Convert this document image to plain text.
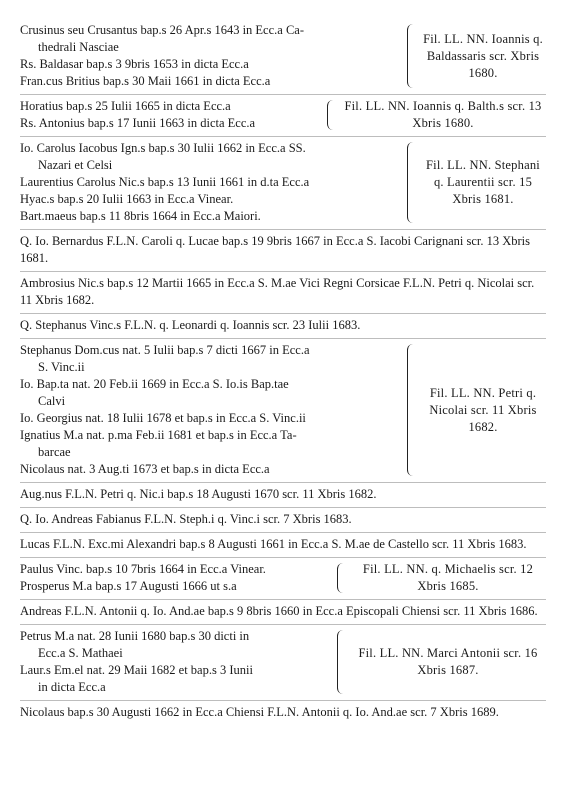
Crusinus seu Crusantus bap.s 26 Apr.s 1643 in Ecc.a Ca-
thedrali Nasciae
Rs. Baldasar bap.s 3 9bris 1653 in dicta Ecc.a
Fran.cus Britius bap.s 30 Maii 1661 in dicta Ecc.a
Fil. LL. NN. Ioannis q. Baldassaris scr. Xbris 1680.
Horatius bap.s 25 Iulii 1665 in dicta Ecc.a
Rs. Antonius bap.s 17 Iunii 1663 in dicta Ecc.a
Fil. LL. NN. Ioannis q. Balth.s scr. 13 Xbris 1680.
Io. Carolus Iacobus Ign.s bap.s 30 Iulii 1662 in Ecc.a SS.
Nazari et Celsi
Laurentius Carolus Nic.s bap.s 13 Iunii 1661 in d.ta Ecc.a
Hyac.s bap.s 20 Iulii 1663 in Ecc.a Vinear.
Bart.maeus bap.s 11 8bris 1664 in Ecc.a Maiori.
Fil. LL. NN. Stephani q. Laurentii scr. 15 Xbris 1681.
Q. Io. Bernardus F.L.N. Caroli q. Lucae bap.s 19 9bris 1667 in Ecc.a S. Iacobi Carignani scr. 13 Xbris 1681.
Ambrosius Nic.s bap.s 12 Martii 1665 in Ecc.a S. M.ae Vici Regni Corsicae F.L.N. Petri q. Nicolai scr. 11 Xbris 1682.
Q. Stephanus Vinc.s F.L.N. q. Leonardi q. Ioannis scr. 23 Iulii 1683.
Stephanus Dom.cus nat. 5 Iulii bap.s 7 dicti 1667 in Ecc.a
S. Vinc.ii
Io. Bap.ta nat. 20 Feb.ii 1669 in Ecc.a S. Io.is Bap.tae
Calvi
Io. Georgius nat. 18 Iulii 1678 et bap.s in Ecc.a S. Vinc.ii
Ignatius M.a nat. p.ma Feb.ii 1681 et bap.s in Ecc.a Ta-
barcae
Nicolaus nat. 3 Aug.ti 1673 et bap.s in dicta Ecc.a
Fil. LL. NN. Petri q. Nicolai scr. 11 Xbris 1682.
Aug.nus F.L.N. Petri q. Nic.i bap.s 18 Augusti 1670 scr. 11 Xbris 1682.
Q. Io. Andreas Fabianus F.L.N. Steph.i q. Vinc.i scr. 7 Xbris 1683.
Lucas F.L.N. Exc.mi Alexandri bap.s 8 Augusti 1661 in Ecc.a S. M.ae de Castello scr. 11 Xbris 1683.
Paulus Vinc. bap.s 10 7bris 1664 in Ecc.a Vinear.
Prosperus M.a bap.s 17 Augusti 1666 ut s.a
Fil. LL. NN. q. Michaelis scr. 12 Xbris 1685.
Andreas F.L.N. Antonii q. Io. And.ae bap.s 9 8bris 1660 in Ecc.a Episcopali Chiensi scr. 11 Xbris 1686.
Petrus M.a nat. 28 Iunii 1680 bap.s 30 dicti in
Ecc.a S. Mathaei
Laur.s Em.el nat. 29 Maii 1682 et bap.s 3 Iunii
in dicta Ecc.a
Fil. LL. NN. Marci Antonii scr. 16 Xbris 1687.
Nicolaus bap.s 30 Augusti 1662 in Ecc.a Chiensi F.L.N. Antonii q. Io. And.ae scr. 7 Xbris 1689.
